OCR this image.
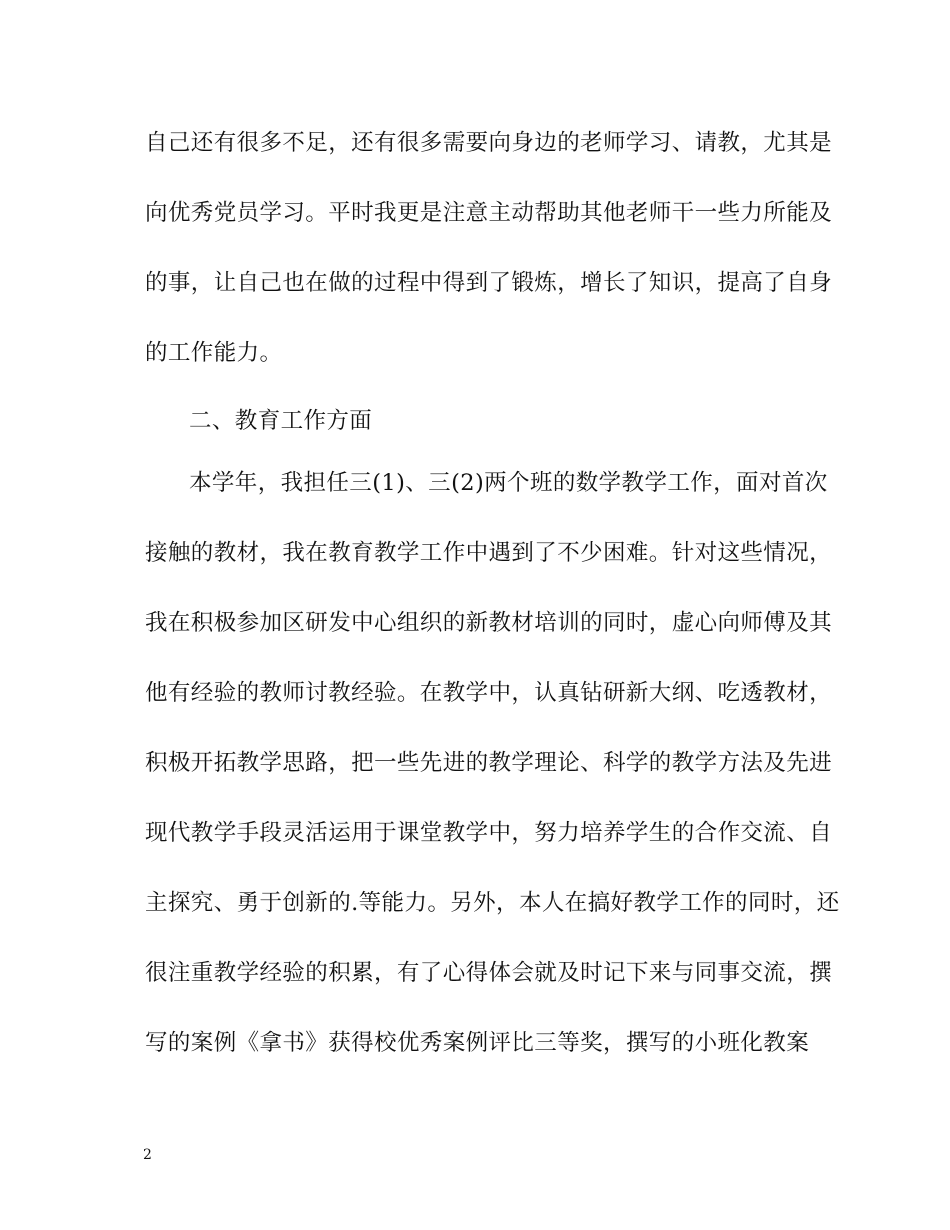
自己还有很多不足，还有很多需要向身边的老师学习、请教，尤其是
向优秀党员学习。平时我更是注意主动帮助其他老师干一些力所能及
的事，让自己也在做的过程中得到了锻炼，增长了知识，提高了自身
的工作能力。
二、教育工作方面
本学年，我担任三(1)、三(2)两个班的数学教学工作，面对首次
接触的教材，我在教育教学工作中遇到了不少困难。针对这些情况，
我在积极参加区研发中心组织的新教材培训的同时，虚心向师傅及其
他有经验的教师讨教经验。在教学中，认真钻研新大纲、吃透教材，
积极开拓教学思路，把一些先进的教学理论、科学的教学方法及先进
现代教学手段灵活运用于课堂教学中，努力培养学生的合作交流、自
主探究、勇于创新的.等能力。另外，本人在搞好教学工作的同时，还
很注重教学经验的积累，有了心得体会就及时记下来与同事交流，撰
写的案例《拿书》获得校优秀案例评比三等奖，撰写的小班化教案
2
